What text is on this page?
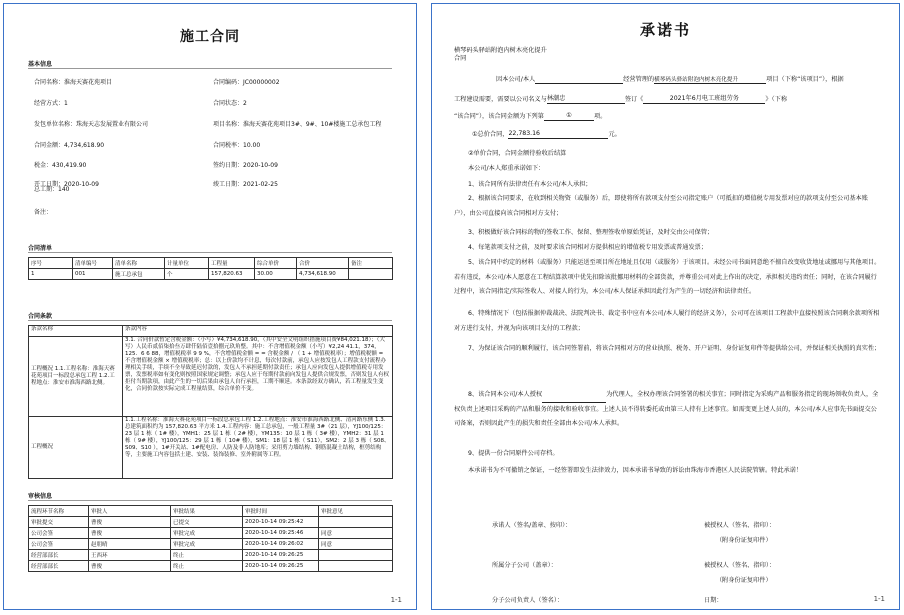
施工合同
基本信息
合同名称：淮海天赛花苑项目	合同编码：JC00000002
经营方式：1	合同状态：2
发包单位名称：珠海天志发展置业有限公司	项目名称：淮海天赛花苑项目3#、9#、10#楼施工总承包工程
合同金额：4,734,618.90	合同税率：10.00
税金：430,419.90	签约日期：2020-10-09
开工日期：2020-10-09	竣工日期：2021-02-25
总工期：140
备注：
合同清单
序号	清单编号	清单名称	计量单位	工程量	综合单价	合价	备注
1	001	施工总承包	个	157,820.63	30.00	4,734,618.90	
合同条款
条款名称	条款内容
工程概况 1.1.工程名称：淮海天赛花苑项目一标段总承包工程 1.2.工程地点：淮安市淮海西路北侧。	3.1. 合同价款暂定含税金额：（小写）¥4,734,618.90，（其中安全文明组织措施项目费¥84,021.18）；（大写）人民币贰佰柒拾叁万肆仟陆佰壹拾捌元玖角整。其中：不含增值税金额（小写）¥2,24 41.1，374，125．6 6 88，增值税税率 9 9 %，不含增值税金额 = = 含税金额 / （ 1 + 增值税税率）；增值税税额 = 不含增值税金额 × 增值税税率；总：以上价款均不计息，每次付款前，承包人应按发包人工程款支付流程办理相关手续，手续不全导致延迟付款的，发包人不承担延期付款责任；承包人应向发包人提供增值税专用发票，发票税率如有变化则按照国家规定调整；承包人应于每期付款前向发包人提供合规发票，否则发包人有权拒付当期款项，由此产生的一切后果由承包人自行承担，工期不顺延。本条款经双方确认，若工程量发生变化，合同价款按实际完成工程量结算，综合单价不变。
工程概况	1.1.工程名称：淮海天赛花苑项目一标段总承包工程 1.2.工程地点：淮安市淮海西路北侧、清河路东侧 1.3.总建筑面积约为 157,820.63 平方米 1.4.工程内容：施工总承包，一般工程量 3#（21 层），YJ100/125：23 层 1 栋（ 1# 楼），YMH1：25 层 1 栋（ 2# 楼），YM135：10 层 1 栋（ 3# 楼），YMH2：31 层 1 栋（ 9# 楼），YJ100/125：29 层 1 栋（ 10# 楼），SM1：18 层 1 栋（ S11），SM2：2 层 3 栋（ S08、S09、S10 ），1#开关站、1#配电房、人防及非人防地库；采用剪力墙结构、钢筋混凝土结构，框剪结构等，主要施工内容包括土建、安装、装饰装修、室外附属等工程。
审核信息
流程环节名称	审批人	审批结果	审批时间	审批意见
审批提交	曹俊	已提交	2020-10-14 09:25:42	
公司会签	曹俊	审批完成	2020-10-14 09:25:46	同意
公司会签	赵朋晴	审批完成	2020-10-14 09:26:02	同意
经营部部长	王西环	终止	2020-10-14 09:26:25	
经营部部长	曹俊	终止	2020-10-14 09:26:25	
1-1
承诺书
横琴码头驿站附泡内树木亮化提升
合同
因本公司/本人	经营管理的横琴码头驿站附泡内树木亮化提升	项目（下称“该项目”），根据
工程建设需要，需要以公司名义与林潮忠	签订《	2021年6月电工班组劳务	》（下称
“该合同”），该合同金额为下列第	①	项。
①总价合同，22,783.16	元。
②单价合同，合同金额待验收后结算
本公司/本人郑重承诺如下：
1、该合同所有法律责任有本公司/本人承担；
2、根据该合同要求，在收到相关物资（或服务）后，即使将所有款项支付至公司指定账户（可抵扣的增值税专用发票对应的款项支付至公司基本账户），由公司直接向该合同相对方支付；
3、积极做好该合同标的物的签收工作、保留、整理签收单原始凭证，及时交由公司保管；
4、每笔款项支付之前，及时要求该合同相对方提供相应的增值税专用发票或普通发票；
5、该合同中约定的材料（或服务）只能运送至项目所在地址且仅用（或服务）于该项目。未经公司书面同意绝不擅自改变收货地址或挪用与其他项目。若有违反，本公司/本人愿意在工程结算款项中优先扣除该批挪用材料的全部货款，并尊重公司对此上作出的决定，承担相关违约责任；同时，在该合同履行过程中，该合同指定/实际签收人、对接人的行为，本公司/本人保证承担因此行为产生的一切经济和法律责任。
6、特殊情况下（包括报据仲裁裁决、法院判决书、裁定书中应有本公司/本人履行的经济义务），公司可在该项目工程款中直接按照该合同剩余款项所相对方进行支付，并视为向该项目支付的工程款；
7、为保证该合同的顺利履行，该合同签署前，将该合同相对方的营业执照、税务、开户证明、身份证复印件等提供给公司，并保证相关执照的真实性；
8、该合同本公司/本人授权	为代理人，全权办理该合同签署的相关事宜；同时指定为采购产品和服务指定的现场领收负责人，全权负责上述项目采购的产品和服务的接收和验收事宜。上述人员不得转委托或由第三人持有上述事宜。如需变更上述人员的，本公司/本人应事先书面提交公司备案，否则因此产生的损失和责任全部由本公司/本人承担。
9、提供一份合同原件公司存档。
本承诺书为不可撤销之保证，一经签署即发生法律效力，因本承诺书导致的诉讼由珠海市香港区人民法院管辖。特此承诺！
承诺人（签名/盖章、按印）：	被授权人（签名、指印）：
（附身份证复印件）
所属分子公司（盖章）：	被授权人（签名、指印）：
（附身份证复印件）
分子公司负责人（签名）：	日期：	1-1
